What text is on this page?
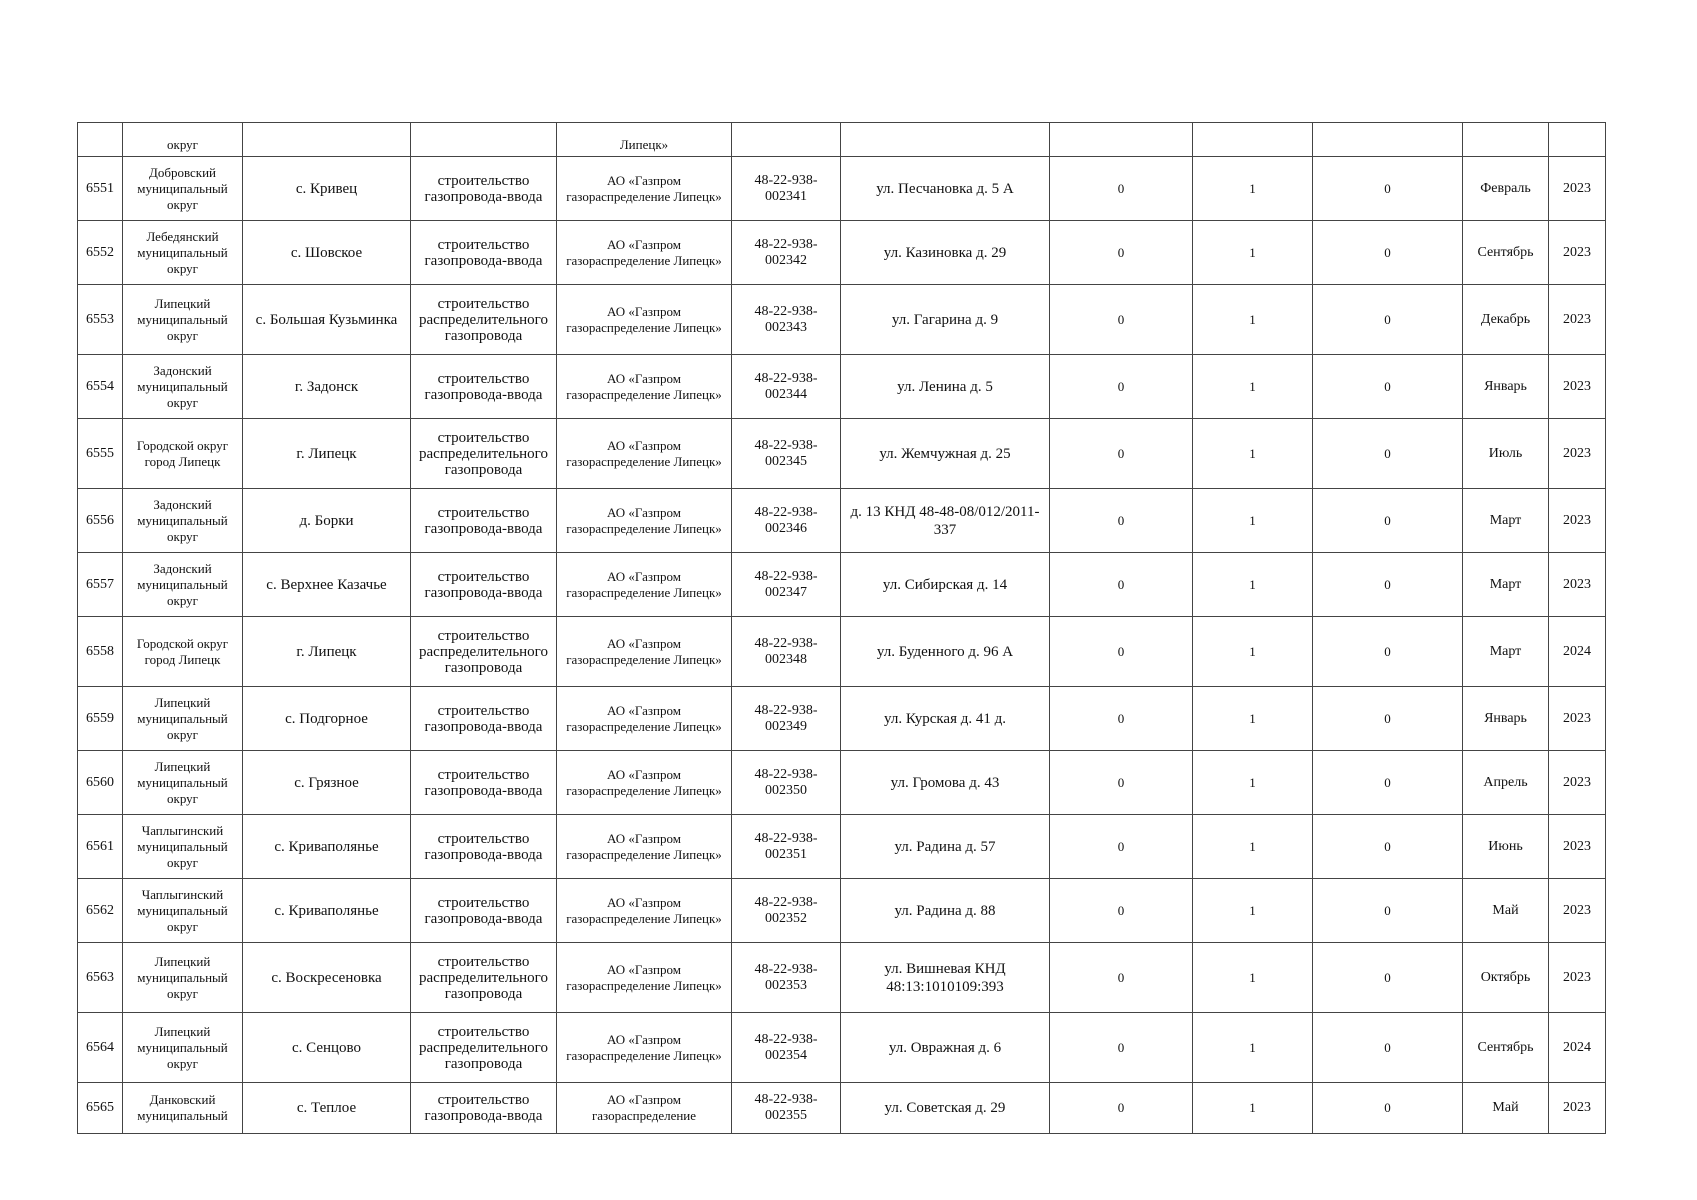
	округ			Липецк»							
6551	Добровский муниципальный округ	с. Кривец	строительство газопровода-ввода	АО «Газпром газораспределение Липецк»	48-22-938-002341	ул. Песчановка д. 5 А	0	1	0	Февраль	2023
6552	Лебедянский муниципальный округ	с. Шовское	строительство газопровода-ввода	АО «Газпром газораспределение Липецк»	48-22-938-002342	ул. Казиновка д. 29	0	1	0	Сентябрь	2023
6553	Липецкий муниципальный округ	с. Большая Кузьминка	строительство распределительного газопровода	АО «Газпром газораспределение Липецк»	48-22-938-002343	ул. Гагарина д. 9	0	1	0	Декабрь	2023
6554	Задонский муниципальный округ	г. Задонск	строительство газопровода-ввода	АО «Газпром газораспределение Липецк»	48-22-938-002344	ул. Ленина д. 5	0	1	0	Январь	2023
6555	Городской округ город Липецк	г. Липецк	строительство распределительного газопровода	АО «Газпром газораспределение Липецк»	48-22-938-002345	ул. Жемчужная д. 25	0	1	0	Июль	2023
6556	Задонский муниципальный округ	д. Борки	строительство газопровода-ввода	АО «Газпром газораспределение Липецк»	48-22-938-002346	д. 13 КНД 48-48-08/012/2011-337	0	1	0	Март	2023
6557	Задонский муниципальный округ	с. Верхнее Казачье	строительство газопровода-ввода	АО «Газпром газораспределение Липецк»	48-22-938-002347	ул. Сибирская д. 14	0	1	0	Март	2023
6558	Городской округ город Липецк	г. Липецк	строительство распределительного газопровода	АО «Газпром газораспределение Липецк»	48-22-938-002348	ул. Буденного д. 96 А	0	1	0	Март	2024
6559	Липецкий муниципальный округ	с. Подгорное	строительство газопровода-ввода	АО «Газпром газораспределение Липецк»	48-22-938-002349	ул. Курская д. 41 д.	0	1	0	Январь	2023
6560	Липецкий муниципальный округ	с. Грязное	строительство газопровода-ввода	АО «Газпром газораспределение Липецк»	48-22-938-002350	ул. Громова д. 43	0	1	0	Апрель	2023
6561	Чаплыгинский муниципальный округ	с. Криваполянье	строительство газопровода-ввода	АО «Газпром газораспределение Липецк»	48-22-938-002351	ул. Радина д. 57	0	1	0	Июнь	2023
6562	Чаплыгинский муниципальный округ	с. Криваполянье	строительство газопровода-ввода	АО «Газпром газораспределение Липецк»	48-22-938-002352	ул. Радина д. 88	0	1	0	Май	2023
6563	Липецкий муниципальный округ	с. Воскресеновка	строительство распределительного газопровода	АО «Газпром газораспределение Липецк»	48-22-938-002353	ул. Вишневая КНД 48:13:1010109:393	0	1	0	Октябрь	2023
6564	Липецкий муниципальный округ	с. Сенцово	строительство распределительного газопровода	АО «Газпром газораспределение Липецк»	48-22-938-002354	ул. Овражная д. 6	0	1	0	Сентябрь	2024
6565	Данковский муниципальный	с. Теплое	строительство газопровода-ввода	АО «Газпром газораспределение	48-22-938-002355	ул. Советская д. 29	0	1	0	Май	2023
